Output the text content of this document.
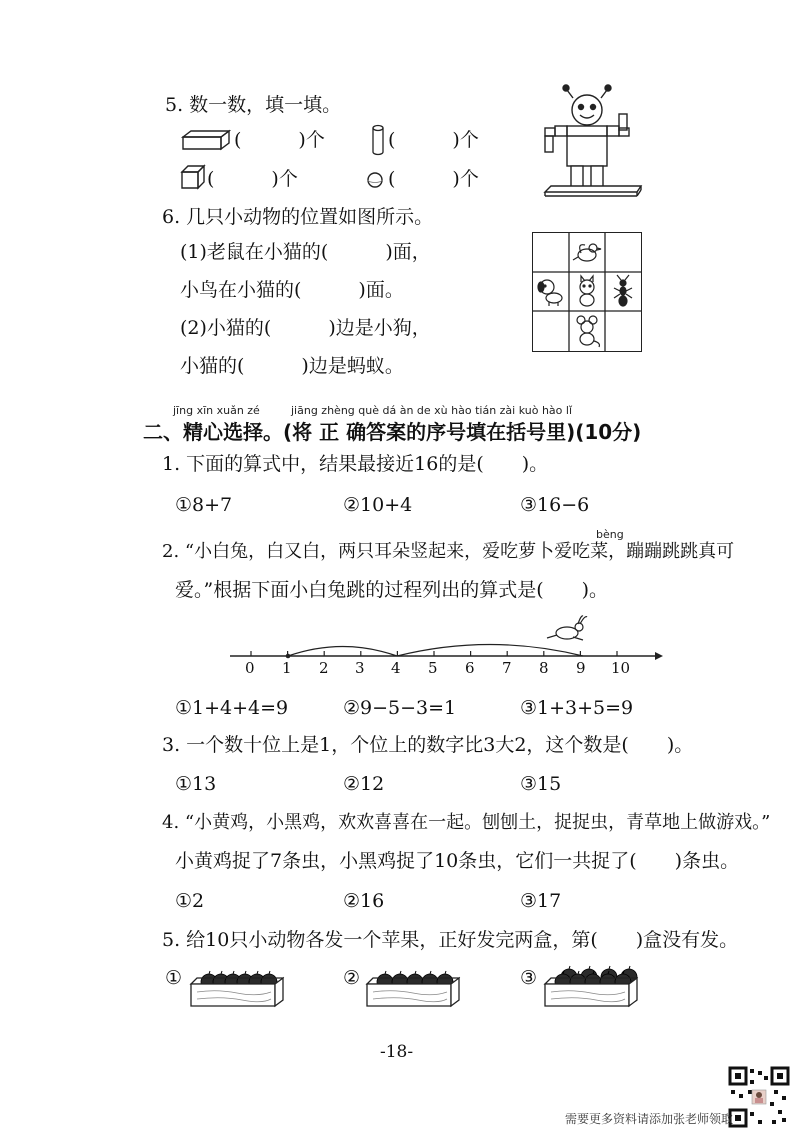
5. 数一数，填一填。
(　　　)个	(　　　)个
(　　　)个	(　　　)个
6. 几只小动物的位置如图所示。
(1)老鼠在小猫的(　　　)面，
小鸟在小猫的(　　　)面。
(2)小猫的(　　　)边是小狗，
小猫的(　　　)边是蚂蚁。
jīng xīn xuǎn zé	jiāng zhèng què dá àn de xù hào tián zài kuò hào lǐ
二、精心选择。(将 正 确答案的序号填在括号里)(10分)
1. 下面的算式中，结果最接近16的是(　　)。
①8+7	②10+4	③16−6
bèng
2. “小白兔，白又白，两只耳朵竖起来，爱吃萝卜爱吃菜，蹦蹦跳跳真可
爱。”根据下面小白兔跳的过程列出的算式是(　　)。
0 1 2 3 4 5 6 7 8 9 10
①1+4+4=9	②9−5−3=1	③1+3+5=9
3. 一个数十位上是1，个位上的数字比3大2，这个数是(　　)。
①13	②12	③15
4. “小黄鸡，小黑鸡，欢欢喜喜在一起。刨刨土，捉捉虫，青草地上做游戏。”
小黄鸡捉了7条虫，小黑鸡捉了10条虫，它们一共捉了(　　)条虫。
①2	②16	③17
5. 给10只小动物各发一个苹果，正好发完两盒，第(　　)盒没有发。
①	②	③
-18-
需要更多资料请添加张老师领取
